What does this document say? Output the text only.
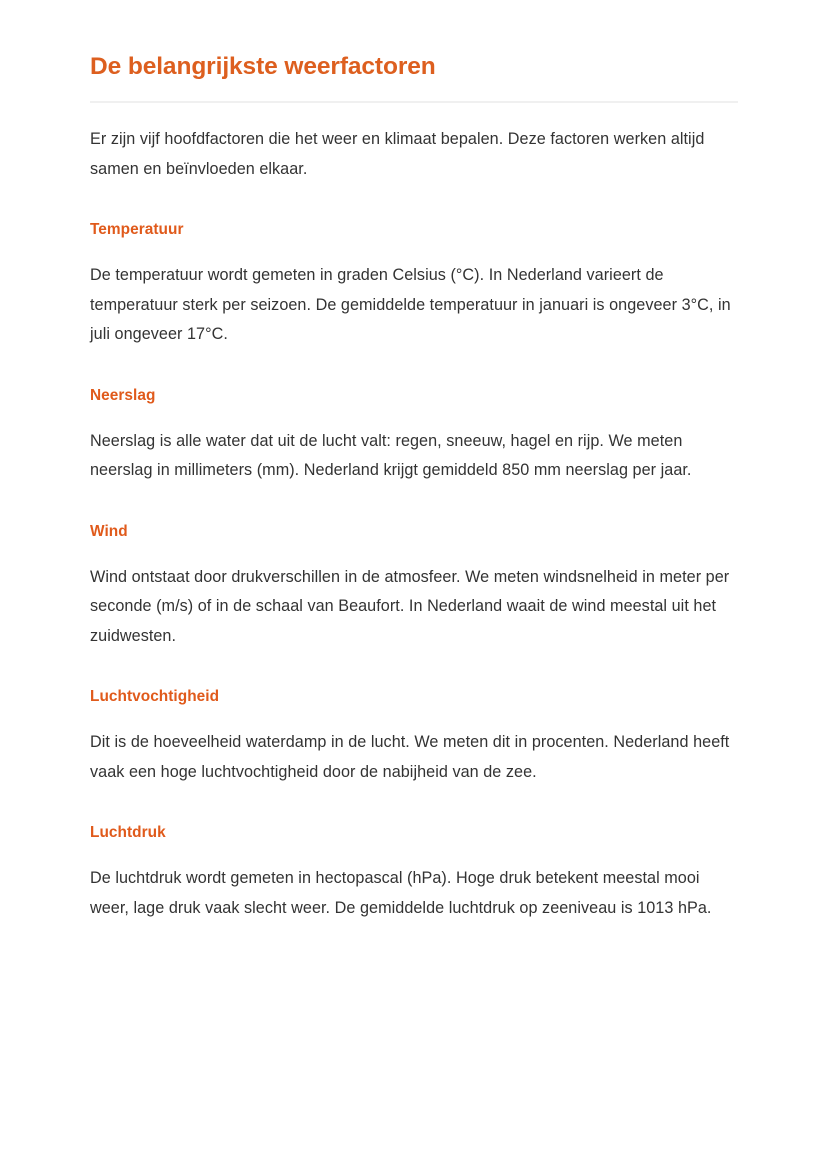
De belangrijkste weerfactoren

Er zijn vijf hoofdfactoren die het weer en klimaat bepalen. Deze factoren werken altijd samen en beïnvloeden elkaar.

Temperatuur

De temperatuur wordt gemeten in graden Celsius (°C). In Nederland varieert de temperatuur sterk per seizoen. De gemiddelde temperatuur in januari is ongeveer 3°C, in juli ongeveer 17°C.

Neerslag

Neerslag is alle water dat uit de lucht valt: regen, sneeuw, hagel en rijp. We meten neerslag in millimeters (mm). Nederland krijgt gemiddeld 850 mm neerslag per jaar.

Wind

Wind ontstaat door drukverschillen in de atmosfeer. We meten windsnelheid in meter per seconde (m/s) of in de schaal van Beaufort. In Nederland waait de wind meestal uit het zuidwesten.

Luchtvochtigheid

Dit is de hoeveelheid waterdamp in de lucht. We meten dit in procenten. Nederland heeft vaak een hoge luchtvochtigheid door de nabijheid van de zee.

Luchtdruk

De luchtdruk wordt gemeten in hectopascal (hPa). Hoge druk betekent meestal mooi weer, lage druk vaak slecht weer. De gemiddelde luchtdruk op zeeniveau is 1013 hPa.
